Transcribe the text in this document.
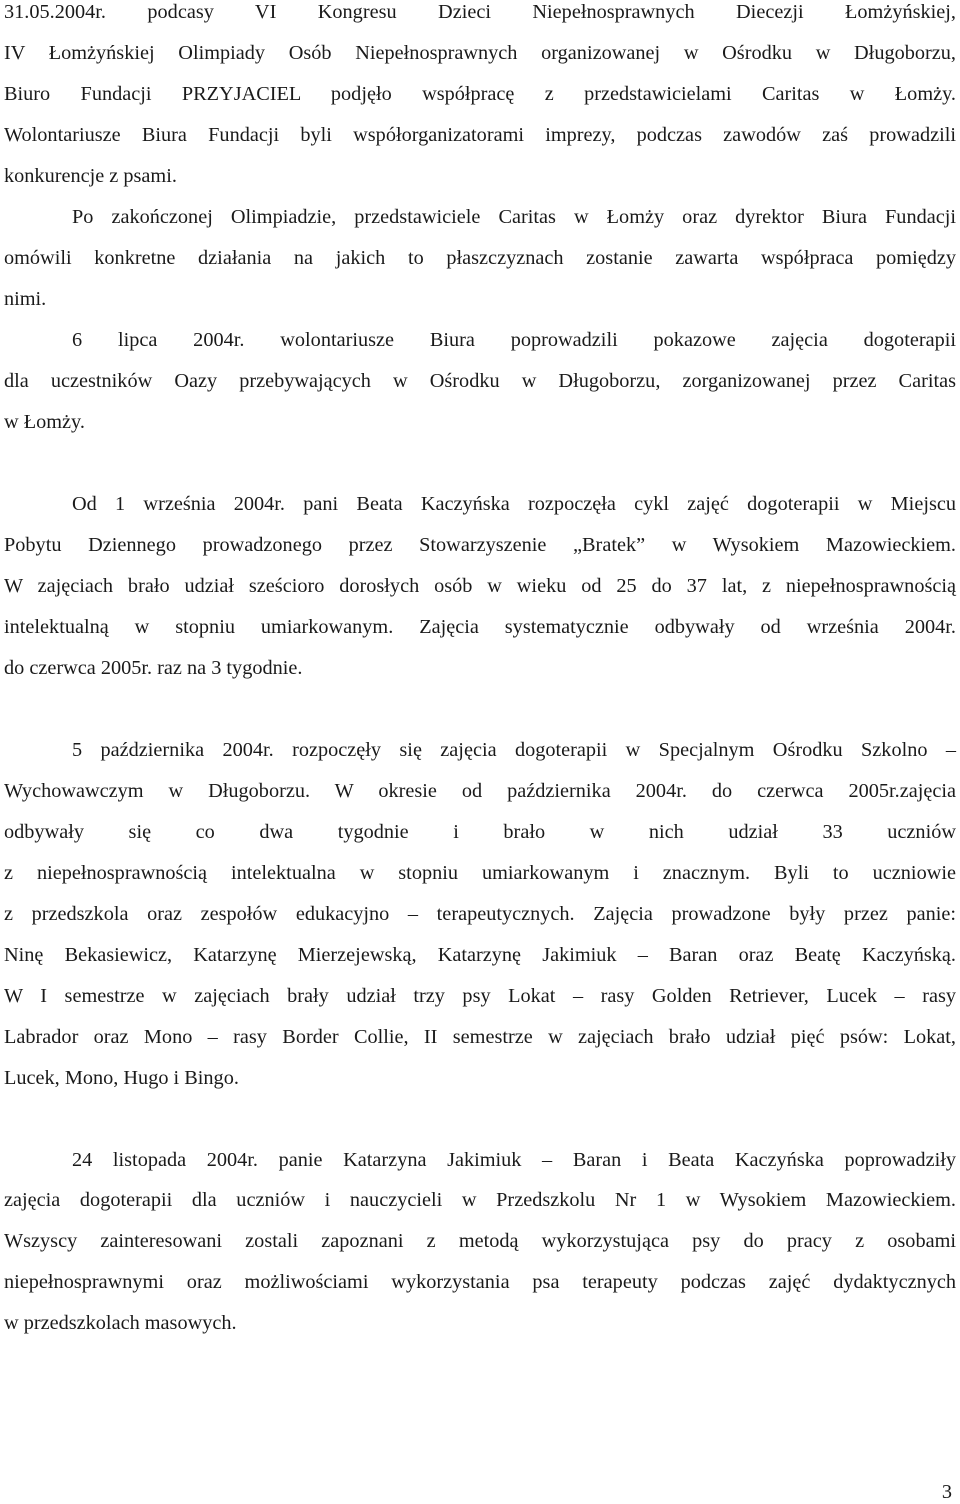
31.05.2004r. podcasy VI Kongresu Dzieci Niepełnosprawnych Diecezji Łomżyńskiej,
IV Łomżyńskiej Olimpiady Osób Niepełnosprawnych organizowanej w Ośrodku w Długoborzu,
Biuro Fundacji PRZYJACIEL podjęło współpracę z przedstawicielami Caritas w Łomży.
Wolontariusze Biura Fundacji byli współorganizatorami imprezy, podczas zawodów zaś prowadzili
konkurencje z psami.
Po zakończonej Olimpiadzie, przedstawiciele Caritas w Łomży oraz dyrektor Biura Fundacji
omówili konkretne działania na jakich to płaszczyznach zostanie zawarta współpraca pomiędzy
nimi.
6 lipca 2004r. wolontariusze Biura poprowadzili pokazowe zajęcia dogoterapii
dla uczestników Oazy przebywających w Ośrodku w Długoborzu, zorganizowanej przez Caritas
w Łomży.
Od 1 września 2004r. pani Beata Kaczyńska rozpoczęła cykl zajęć dogoterapii w Miejscu
Pobytu Dziennego prowadzonego przez Stowarzyszenie „Bratek” w Wysokiem Mazowieckiem.
W zajęciach brało udział sześcioro dorosłych osób w wieku od 25 do 37 lat, z niepełnosprawnością
intelektualną w stopniu umiarkowanym. Zajęcia systematycznie odbywały od września 2004r.
do czerwca 2005r. raz na 3 tygodnie.
5 października 2004r. rozpoczęły się zajęcia dogoterapii w Specjalnym Ośrodku Szkolno –
Wychowawczym w Długoborzu. W okresie od października 2004r. do czerwca 2005r.zajęcia
odbywały się co dwa tygodnie i brało w nich udział 33 uczniów
z niepełnosprawnością intelektualna w stopniu umiarkowanym i znacznym. Byli to uczniowie
z przedszkola oraz zespołów edukacyjno – terapeutycznych. Zajęcia prowadzone były przez panie:
Ninę Bekasiewicz, Katarzynę Mierzejewską, Katarzynę Jakimiuk – Baran oraz Beatę Kaczyńską.
W I semestrze w zajęciach brały udział trzy psy Lokat – rasy Golden Retriever, Lucek – rasy
Labrador oraz Mono – rasy Border Collie, II semestrze w zajęciach brało udział pięć psów: Lokat,
Lucek, Mono, Hugo i Bingo.
24 listopada 2004r. panie Katarzyna Jakimiuk – Baran i Beata Kaczyńska poprowadziły
zajęcia dogoterapii dla uczniów i nauczycieli w Przedszkolu Nr 1 w Wysokiem Mazowieckiem.
Wszyscy zainteresowani zostali zapoznani z metodą wykorzystująca psy do pracy z osobami
niepełnosprawnymi oraz możliwościami wykorzystania psa terapeuty podczas zajęć dydaktycznych
w przedszkolach masowych.
3
